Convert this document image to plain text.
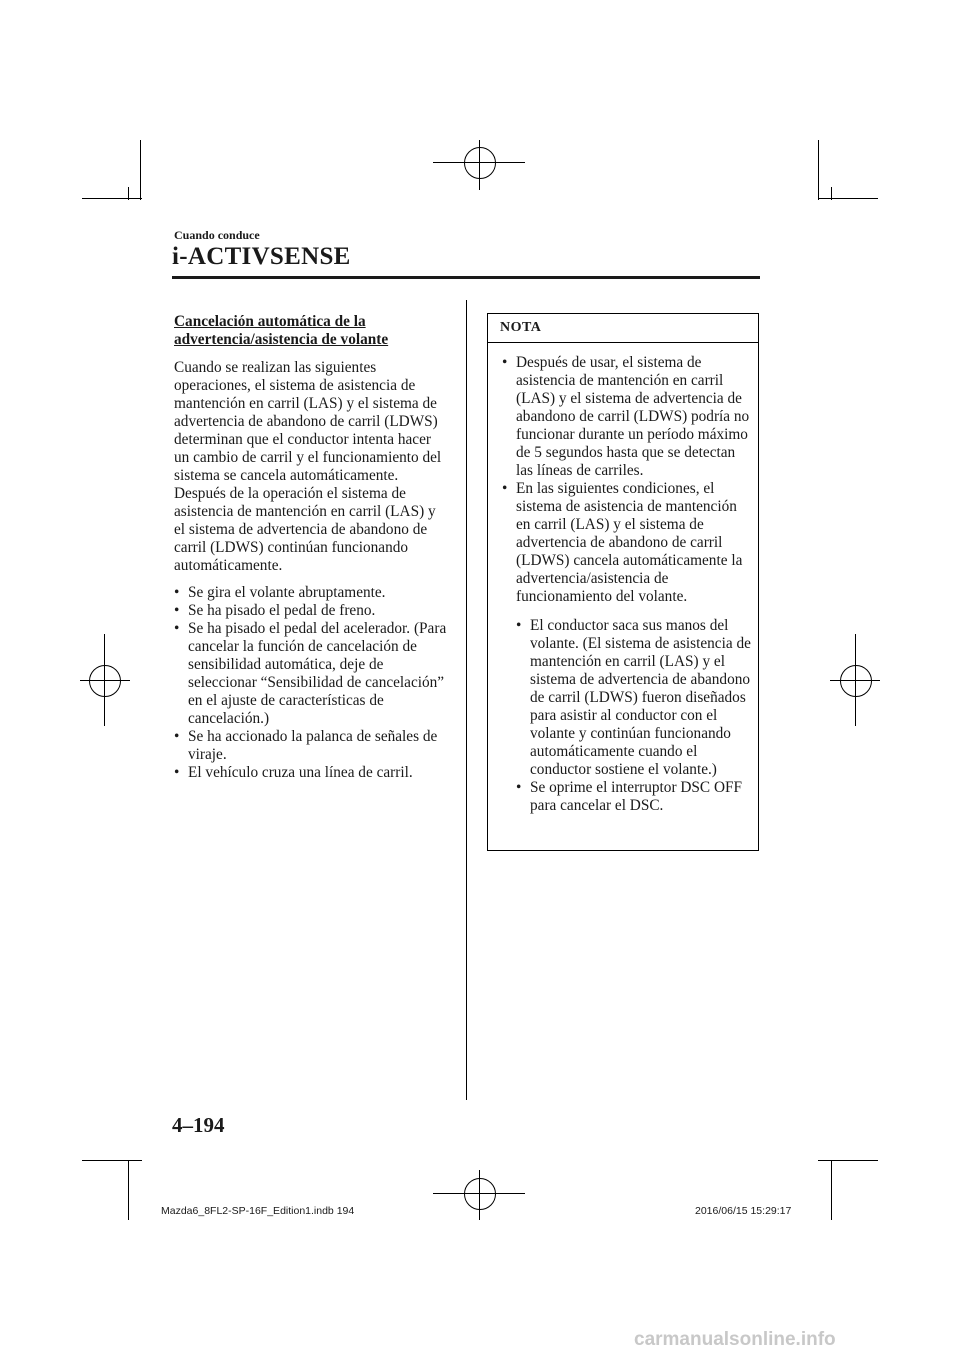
Cuando conduce
i-ACTIVSENSE
Cancelación automática de la
advertencia/asistencia de volante
Cuando se realizan las siguientes operaciones, el sistema de asistencia de mantención en carril (LAS) y el sistema de advertencia de abandono de carril (LDWS) determinan que el conductor intenta hacer un cambio de carril y el funcionamiento del sistema se cancela automáticamente. Después de la operación el sistema de asistencia de mantención en carril (LAS) y el sistema de advertencia de abandono de carril (LDWS) continúan funcionando automáticamente.
• Se gira el volante abruptamente.
• Se ha pisado el pedal de freno.
• Se ha pisado el pedal del acelerador. (Para cancelar la función de cancelación de sensibilidad automática, deje de seleccionar “Sensibilidad de cancelación” en el ajuste de características de cancelación.)
• Se ha accionado la palanca de señales de viraje.
• El vehículo cruza una línea de carril.
NOTA
• Después de usar, el sistema de asistencia de mantención en carril (LAS) y el sistema de advertencia de abandono de carril (LDWS) podría no funcionar durante un período máximo de 5 segundos hasta que se detectan las líneas de carriles.
• En las siguientes condiciones, el sistema de asistencia de mantención en carril (LAS) y el sistema de advertencia de abandono de carril (LDWS) cancela automáticamente la advertencia/asistencia de funcionamiento del volante.
• El conductor saca sus manos del volante. (El sistema de asistencia de mantención en carril (LAS) y el sistema de advertencia de abandono de carril (LDWS) fueron diseñados para asistir al conductor con el volante y continúan funcionando automáticamente cuando el conductor sostiene el volante.)
• Se oprime el interruptor DSC OFF para cancelar el DSC.
4–194
Mazda6_8FL2-SP-16F_Edition1.indb 194	2016/06/15 15:29:17
carmanualsonline.info
